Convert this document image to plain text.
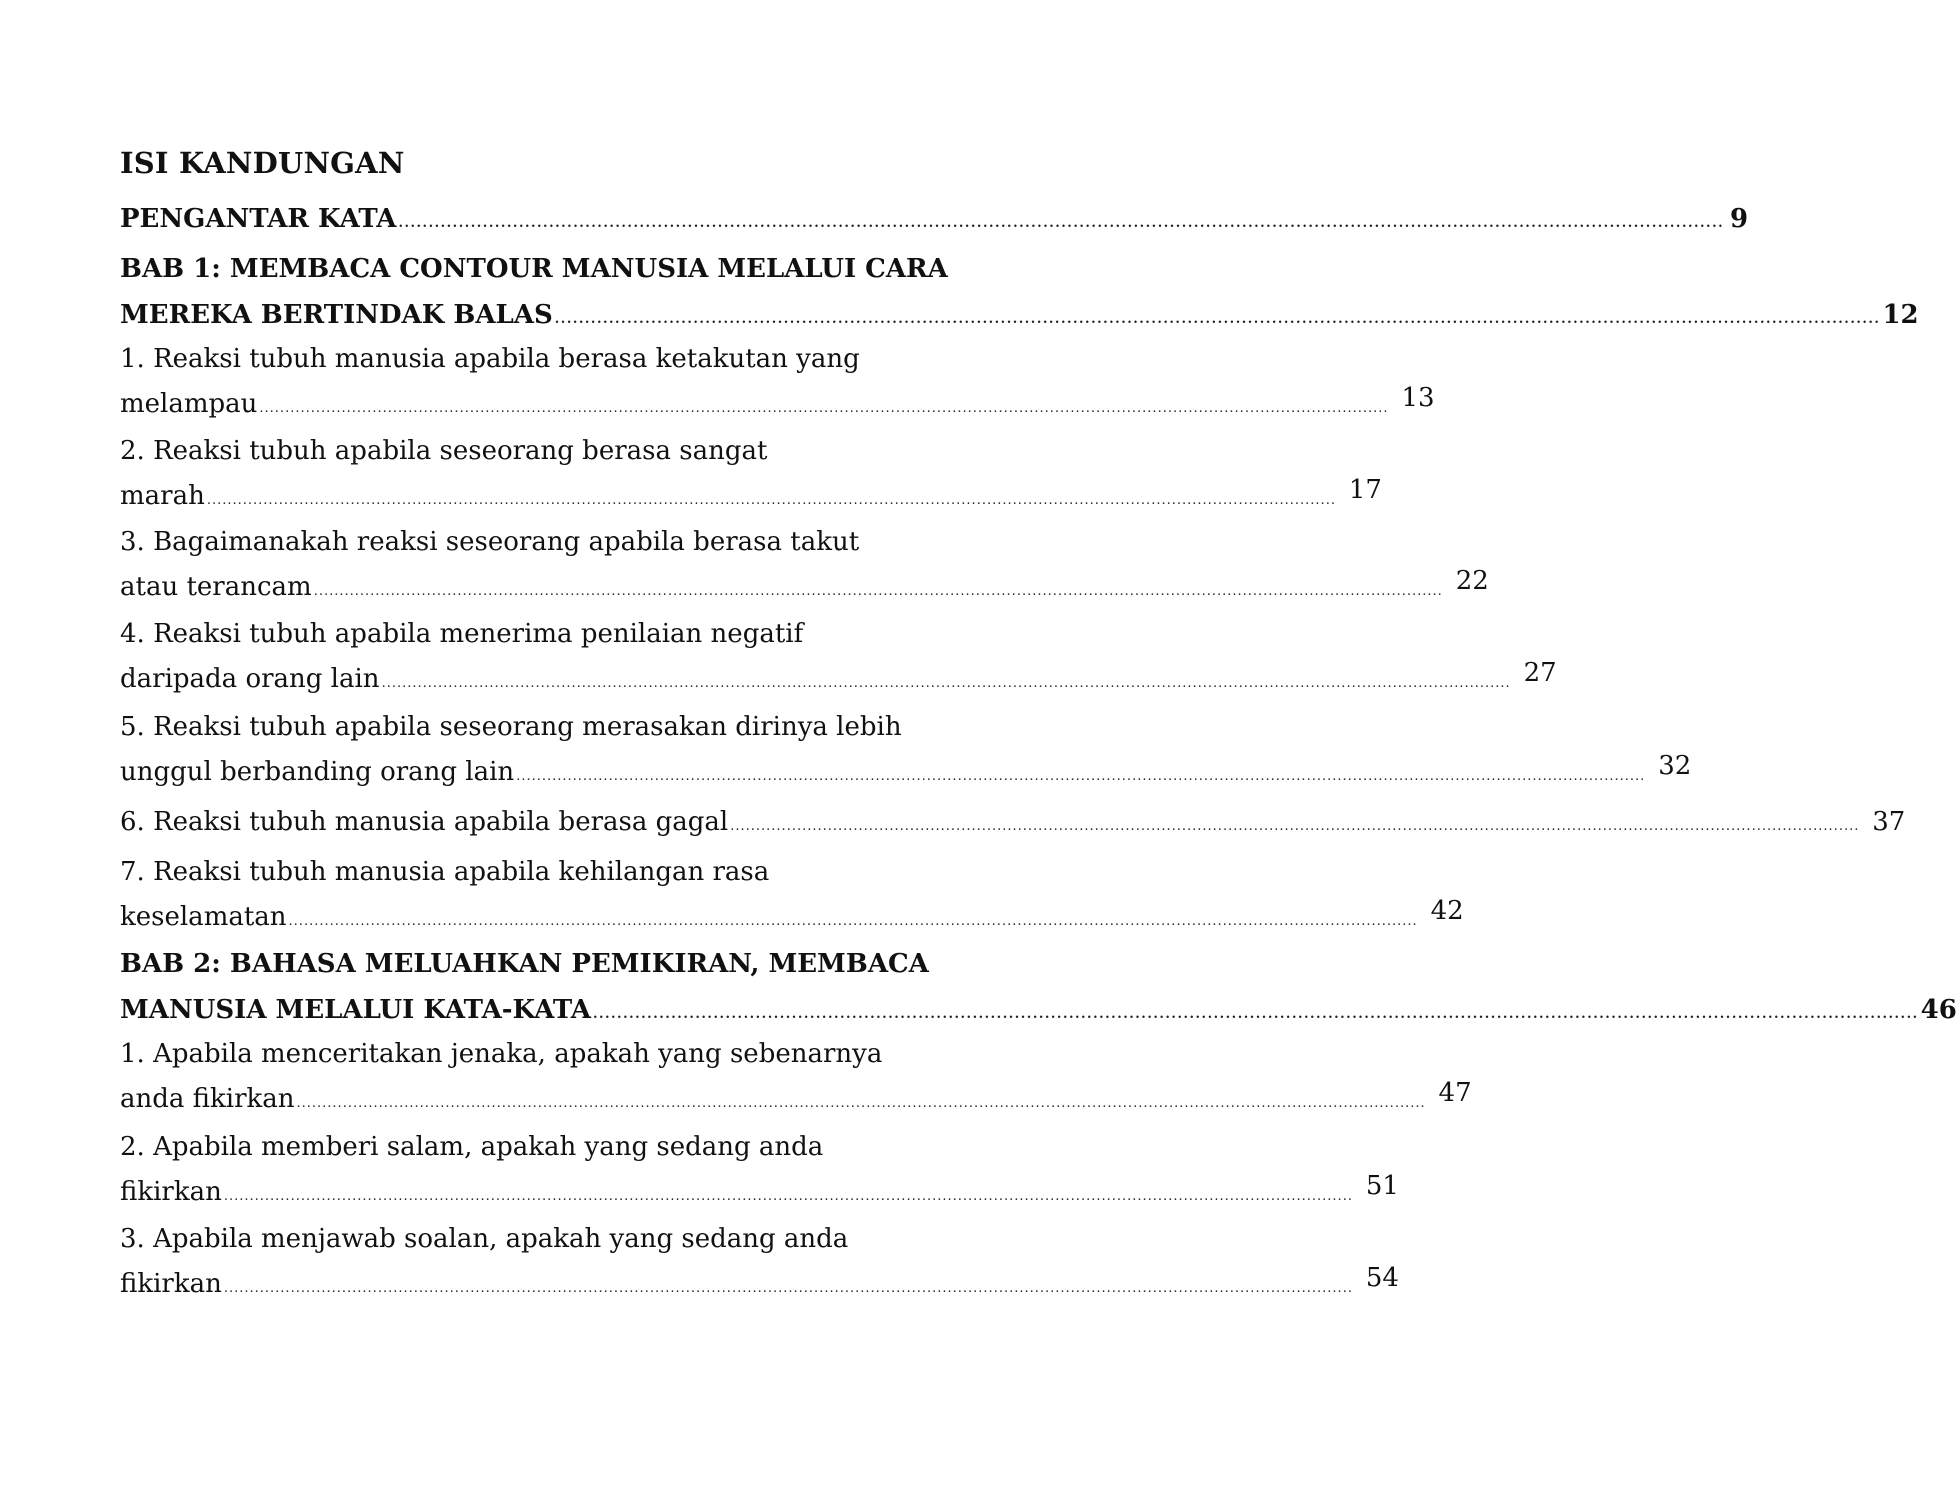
ISI KANDUNGAN
PENGANTAR KATA ............................................................................................................................................................................................................................ 9
BAB 1: MEMBACA CONTOUR MANUSIA MELALUI CARA
MEREKA BERTINDAK BALAS ............................................................................................................................................................................................................................ 12
1. Reaksi tubuh manusia apabila berasa ketakutan yang
melampau ............................................................................................................................................................................................................................ 13
2. Reaksi tubuh apabila seseorang berasa sangat
marah ............................................................................................................................................................................................................................ 17
3. Bagaimanakah reaksi seseorang apabila berasa takut
atau terancam ............................................................................................................................................................................................................................ 22
4. Reaksi tubuh apabila menerima penilaian negatif
daripada orang lain ............................................................................................................................................................................................................................ 27
5. Reaksi tubuh apabila seseorang merasakan dirinya lebih
unggul berbanding orang lain ............................................................................................................................................................................................................................ 32
6. Reaksi tubuh manusia apabila berasa gagal ............................................................................................................................................................................................................................ 37
7. Reaksi tubuh manusia apabila kehilangan rasa
keselamatan ............................................................................................................................................................................................................................ 42
BAB 2: BAHASA MELUAHKAN PEMIKIRAN, MEMBACA
MANUSIA MELALUI KATA-KATA ............................................................................................................................................................................................................................ 46
1. Apabila menceritakan jenaka, apakah yang sebenarnya
anda fikirkan ............................................................................................................................................................................................................................ 47
2. Apabila memberi salam, apakah yang sedang anda
fikirkan ............................................................................................................................................................................................................................ 51
3. Apabila menjawab soalan, apakah yang sedang anda
fikirkan ............................................................................................................................................................................................................................ 54
